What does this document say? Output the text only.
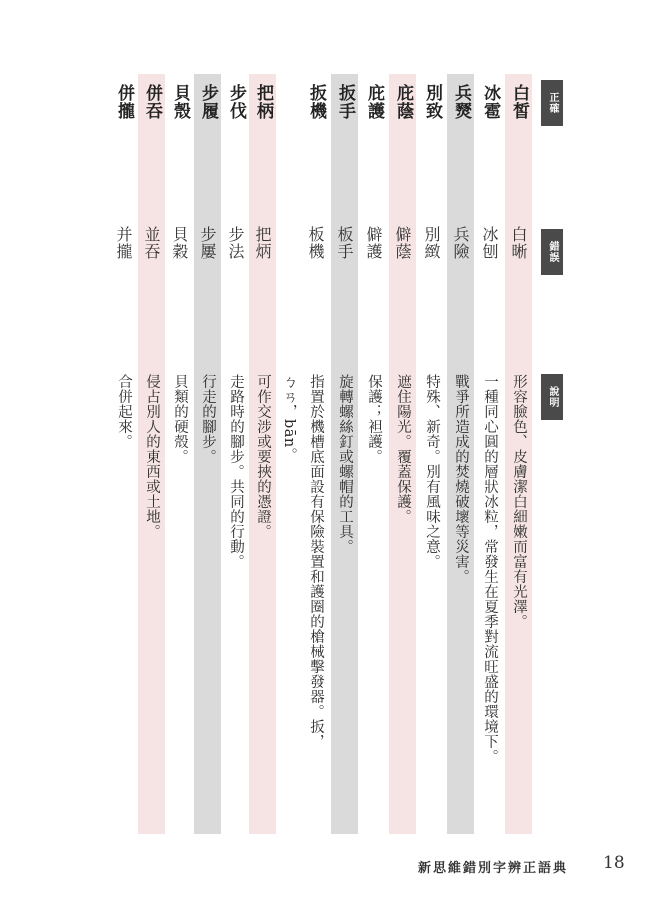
正確
錯誤
說明
白皙
白晰
形容臉色、皮膚潔白細嫩而富有光澤。
冰雹
冰刨
一種同心圓的層狀冰粒，常發生在夏季對流旺盛的環境下。
兵燹
兵險
戰爭所造成的焚燒破壞等災害。
別致
別緻
特殊、新奇。別有風味之意。
庇蔭
僻蔭
遮住陽光。覆蓋保護。
庇護
僻護
保護；袒護。
扳手
板手
旋轉螺絲釘或螺帽的工具。
扳機
板機
指置於機槽底面設有保險裝置和護圈的槍械擊發器。扳，
ㄅㄢ，bān。
把柄
把炳
可作交涉或要挾的憑證。
步伐
步法
走路時的腳步。共同的行動。
步履
步屢
行走的腳步。
貝殼
貝穀
貝類的硬殼。
併吞
並吞
侵占別人的東西或土地。
併攏
并攏
合併起來。
新思維錯別字辨正語典 18
